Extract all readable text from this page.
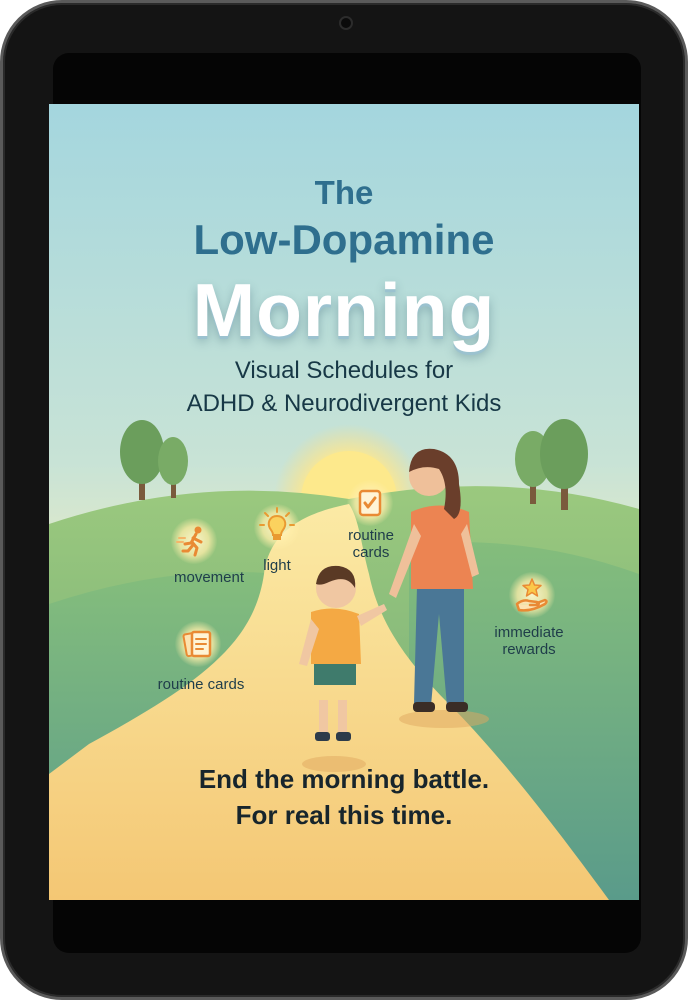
The
Low-Dopamine
Morning
Visual Schedules for
ADHD & Neurodivergent Kids
movement
light
routine
cards
routine cards
immediate
rewards
End the morning battle.
For real this time.
